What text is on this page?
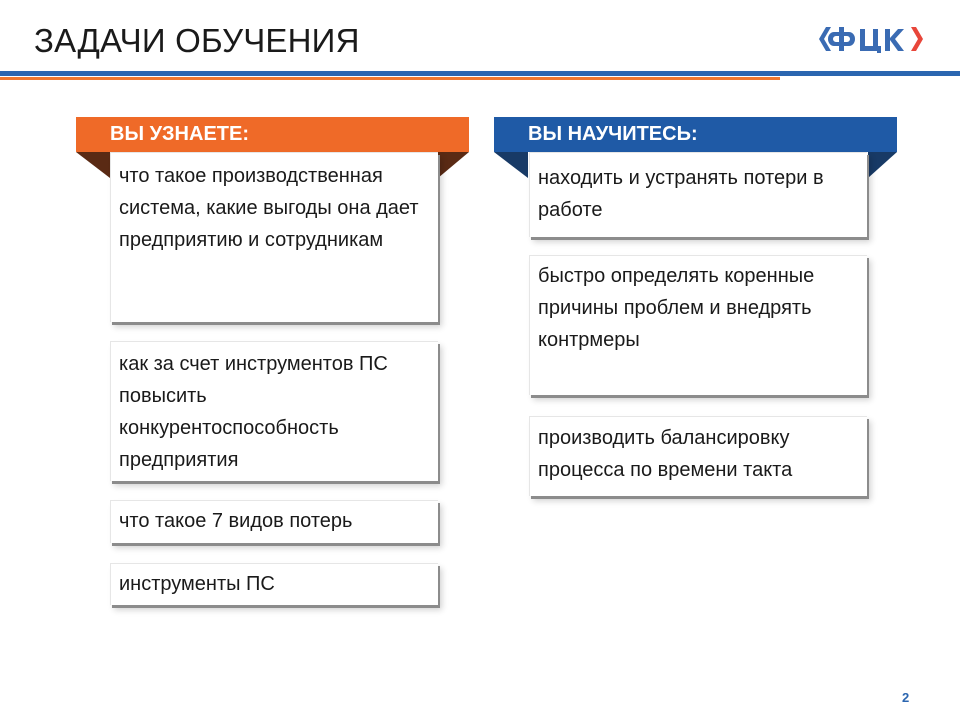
ЗАДАЧИ ОБУЧЕНИЯ
ВЫ УЗНАЕТЕ:
что такое производственная система, какие выгоды она дает предприятию и сотрудникам
как за счет инструментов ПС повысить конкурентоспособность предприятия
что такое 7 видов потерь
инструменты ПС
ВЫ НАУЧИТЕСЬ:
находить и устранять потери в работе
быстро определять коренные причины проблем и внедрять контрмеры
производить балансировку процесса по времени такта
2
